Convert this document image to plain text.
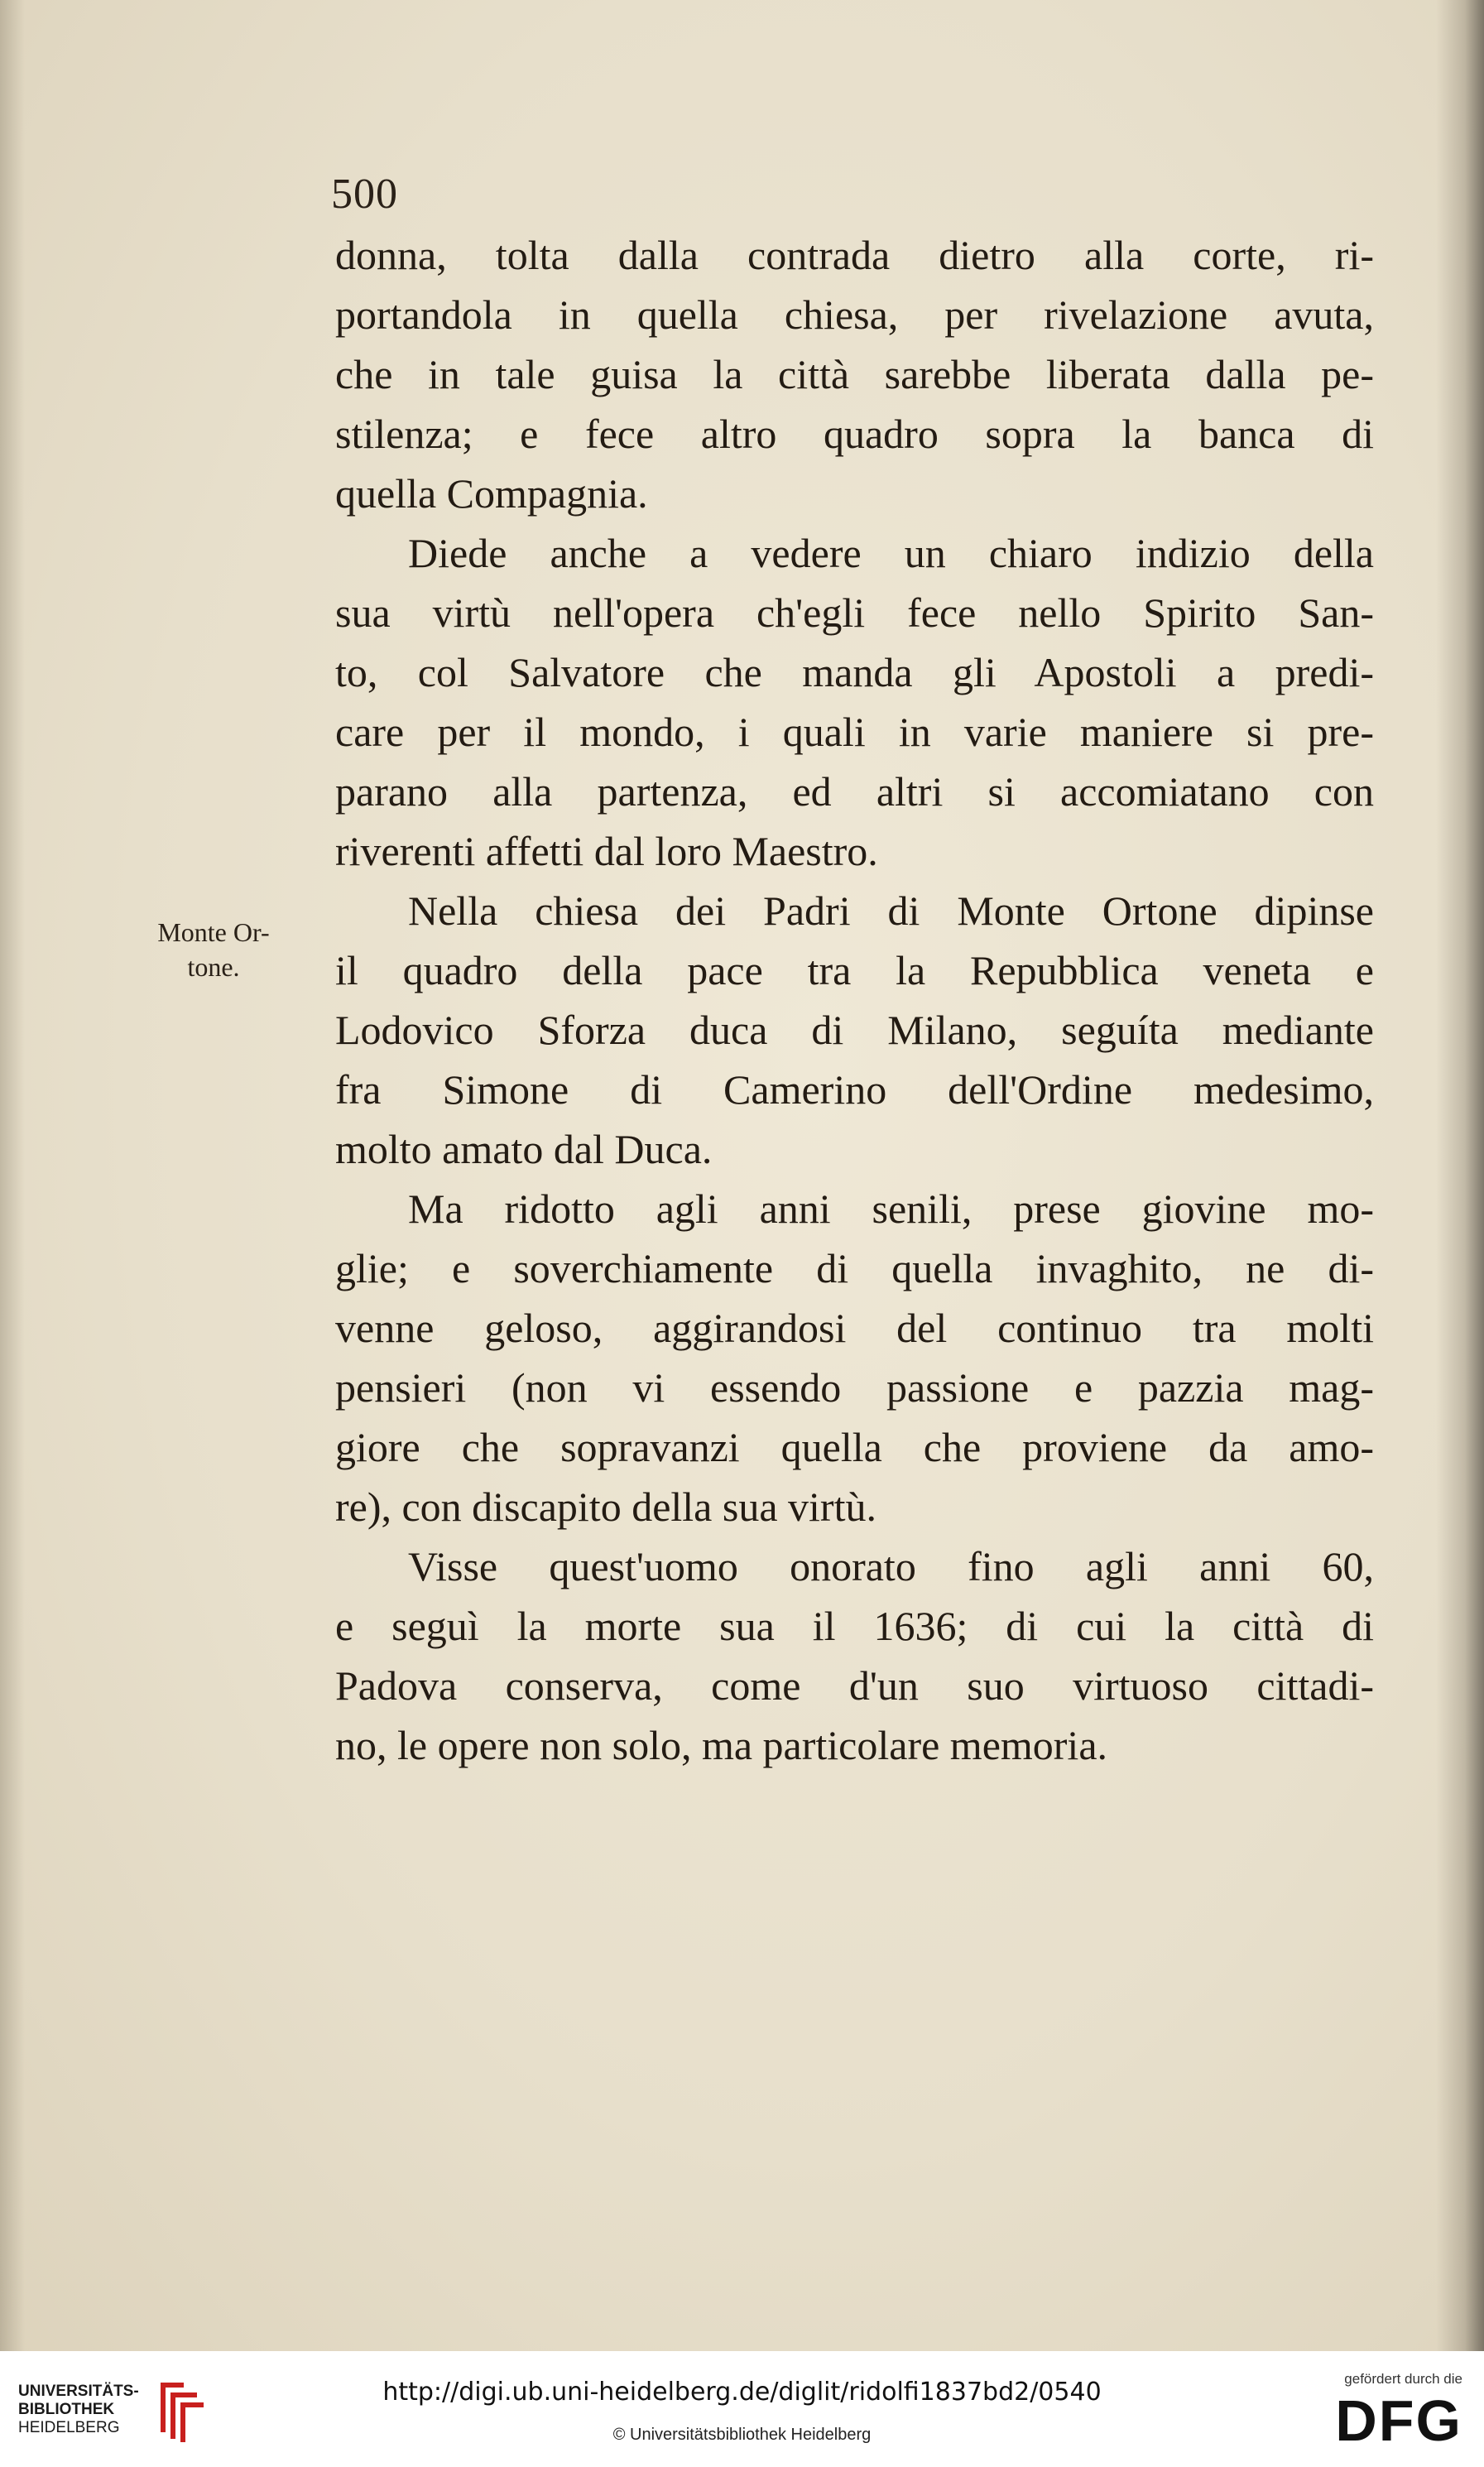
500
Monte Or-
tone.
donna, tolta dalla contrada dietro alla corte, ri-
portandola in quella chiesa, per rivelazione avuta,
che in tale guisa la città sarebbe liberata dalla pe-
stilenza; e fece altro quadro sopra la banca di
quella Compagnia.
Diede anche a vedere un chiaro indizio della
sua virtù nell'opera ch'egli fece nello Spirito San-
to, col Salvatore che manda gli Apostoli a predi-
care per il mondo, i quali in varie maniere si pre-
parano alla partenza, ed altri si accomiatano con
riverenti affetti dal loro Maestro.
Nella chiesa dei Padri di Monte Ortone dipinse
il quadro della pace tra la Repubblica veneta e
Lodovico Sforza duca di Milano, seguíta mediante
fra Simone di Camerino dell'Ordine medesimo,
molto amato dal Duca.
Ma ridotto agli anni senili, prese giovine mo-
glie; e soverchiamente di quella invaghito, ne di-
venne geloso, aggirandosi del continuo tra molti
pensieri (non vi essendo passione e pazzia mag-
giore che sopravanzi quella che proviene da amo-
re), con discapito della sua virtù.
Visse quest'uomo onorato fino agli anni 60,
e seguì la morte sua il 1636; di cui la città di
Padova conserva, come d'un suo virtuoso cittadi-
no, le opere non solo, ma particolare memoria.
UNIVERSITÄTS-
BIBLIOTHEK
HEIDELBERG
http://digi.ub.uni-heidelberg.de/diglit/ridolfi1837bd2/0540
© Universitätsbibliothek Heidelberg
gefördert durch die
DFG
